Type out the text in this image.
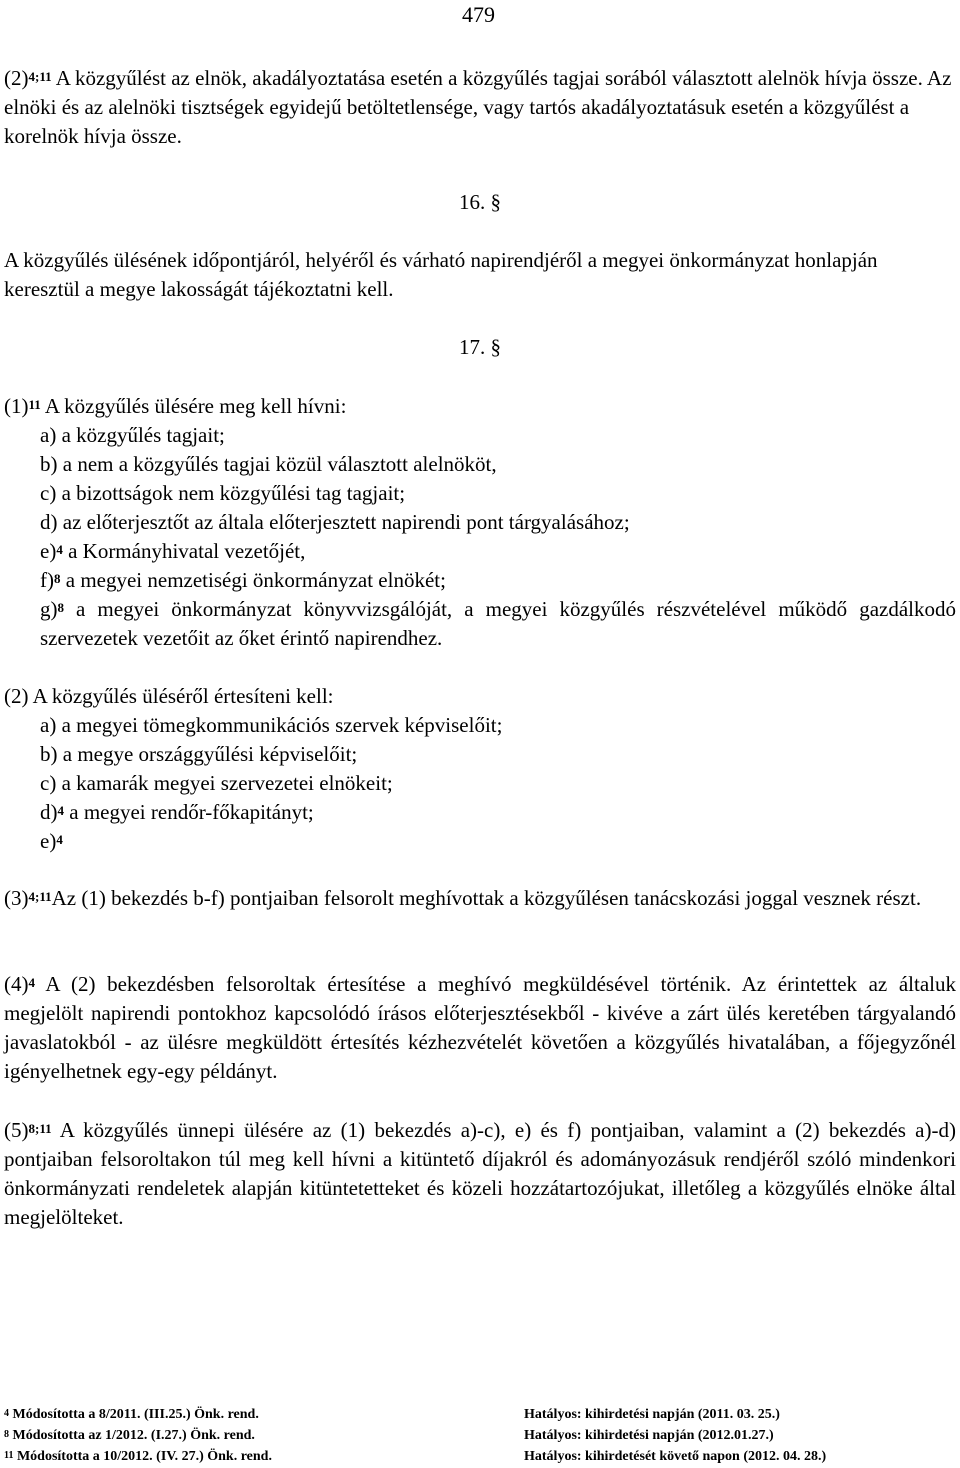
479

$(2)^{4;11}$ A közgyűlést az elnök, akadályoztatása esetén a közgyűlés tagjai sorából választott alelnök hívja össze. Az elnöki és az alelnöki tisztségek egyidejű betöltetlensége, vagy tartós akadályoztatásuk esetén a közgyűlést a korelnök hívja össze.

16. §

A közgyűlés ülésének időpontjáról, helyéről és várható napirendjéről a megyei önkormányzat honlapján keresztül a megye lakosságát tájékoztatni kell.

17. §

$(1)^{11}$ A közgyűlés ülésére meg kell hívni:

a) a közgyűlés tagjait;

b) a nem a közgyűlés tagjai közül választott alelnököt,

c) a bizottságok nem közgyűlési tag tagjait;

d) az előterjesztőt az általa előterjesztett napirendi pont tárgyalásához;

e)$^4$ a Kormányhivatal vezetőjét,

f)$^8$ a megyei nemzetiségi önkormányzat elnökét;

g)$^8$ a megyei önkormányzat könyvvizsgálóját, a megyei közgyűlés részvételével működő gazdálkodó szervezetek vezetőit az őket érintő napirendhez.

(2) A közgyűlés üléséről értesíteni kell:

a) a megyei tömegkommunikációs szervek képviselőit;

b) a megye országgyűlési képviselőit;

c) a kamarák megyei szervezetei elnökeit;

d)$^4$ a megyei rendőr-főkapitányt;

e)$^4$

$(3)^{4;11}Az$ (1) bekezdés b-f) pontjaiban felsorolt meghívottak a közgyűlésen tanácskozási joggal vesznek részt.

$(4)^4$ A (2) bekezdésben felsoroltak értesítése a meghívó megküldésével történik. Az érintettek az általuk megjelölt napirendi pontokhoz kapcsolódó írásos előterjesztésekből - kivéve a zárt ülés keretében tárgyalandó javaslatokból - az ülésre megküldött értesítés kézhezvételét követően a közgyűlés hivatalában, a főjegyzőnél igényelhetnek egy-egy példányt.

$(5)^{8;11}$ A közgyűlés ünnepi ülésére az (1) bekezdés a)-c), e) és f) pontjaiban, valamint a (2) bekezdés a)-d) pontjaiban felsoroltakon túl meg kell hívni a kitüntető díjakról és adományozásuk rendjéről szóló mindenkori önkormányzati rendeletek alapján kitüntetetteket és közeli hozzátartozójukat, illetőleg a közgyűlés elnöke által megjelölteket.

$^4$ Módosította a 8/2011. (III.25.) Önk. rend.	Hatályos: kihirdetési napján (2011. 03. 25.)
$^8$ Módosította az 1/2012. (I.27.) Önk. rend.	Hatályos: kihirdetési napján (2012.01.27.)
$^{11}$ Módosította a 10/2012. (IV. 27.) Önk. rend.	Hatályos: kihirdetését követő napon (2012. 04. 28.)
